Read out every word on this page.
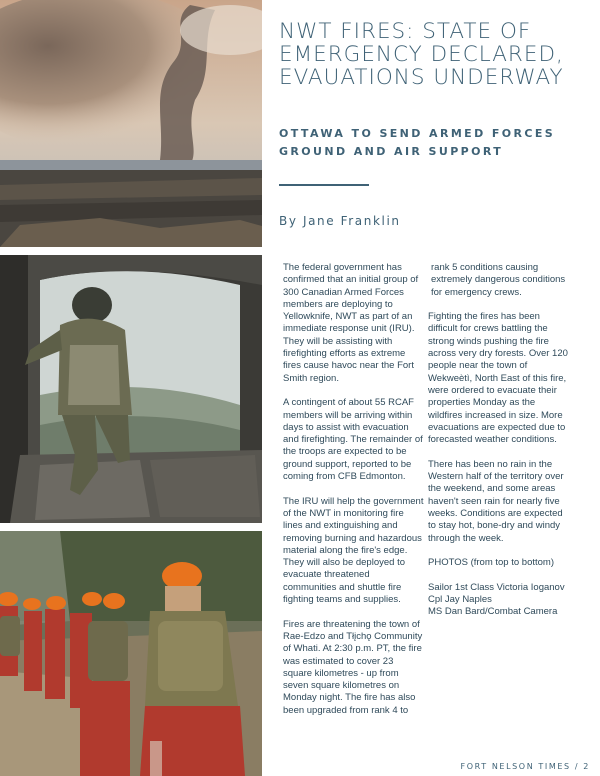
NWT FIRES: STATE OF EMERGENCY DECLARED, EVAUATIONS UNDERWAY
OTTAWA TO SEND ARMED FORCES GROUND AND AIR SUPPORT
By Jane Franklin

The federal government has confirmed that an initial group of 300 Canadian Armed Forces members are deploying to Yellowknife, NWT as part of an immediate response unit (IRU). They will be assisting with firefighting efforts as extreme fires cause havoc near the Fort Smith region.

A contingent of about 55 RCAF members will be arriving within days to assist with evacuation and firefighting. The remainder of the troops are expected to be ground support, reported to be coming from CFB Edmonton.

The IRU will help the government of the NWT in monitoring fire lines and extinguishing and removing burning and hazardous material along the fire's edge. They will also be deployed to evacuate threatened communities and shuttle fire fighting teams and supplies.

Fires are threatening the town of Rae-Edzo and Tłįchǫ Community of Whati. At 2:30 p.m. PT, the fire was estimated to cover 23 square kilometres - up from seven square kilometres on Monday night. The fire has also been upgraded from rank 4 to

rank 5 conditions causing extremely dangerous conditions for emergency crews.

Fighting the fires has been difficult for crews battling the strong winds pushing the fire across very dry forests. Over 120 people near the town of Wekweètì, North East of this fire, were ordered to evacuate their properties Monday as the wildfires increased in size. More evacuations are expected due to forecasted weather conditions.

There has been no rain in the Western half of the territory over the weekend, and some areas haven't seen rain for nearly five weeks. Conditions are expected to stay hot, bone-dry and windy through the week.

PHOTOS (from top to bottom)

Sailor 1st Class Victoria Ioganov
Cpl Jay Naples
MS Dan Bard/Combat Camera
FORT NELSON TIMES / 2
